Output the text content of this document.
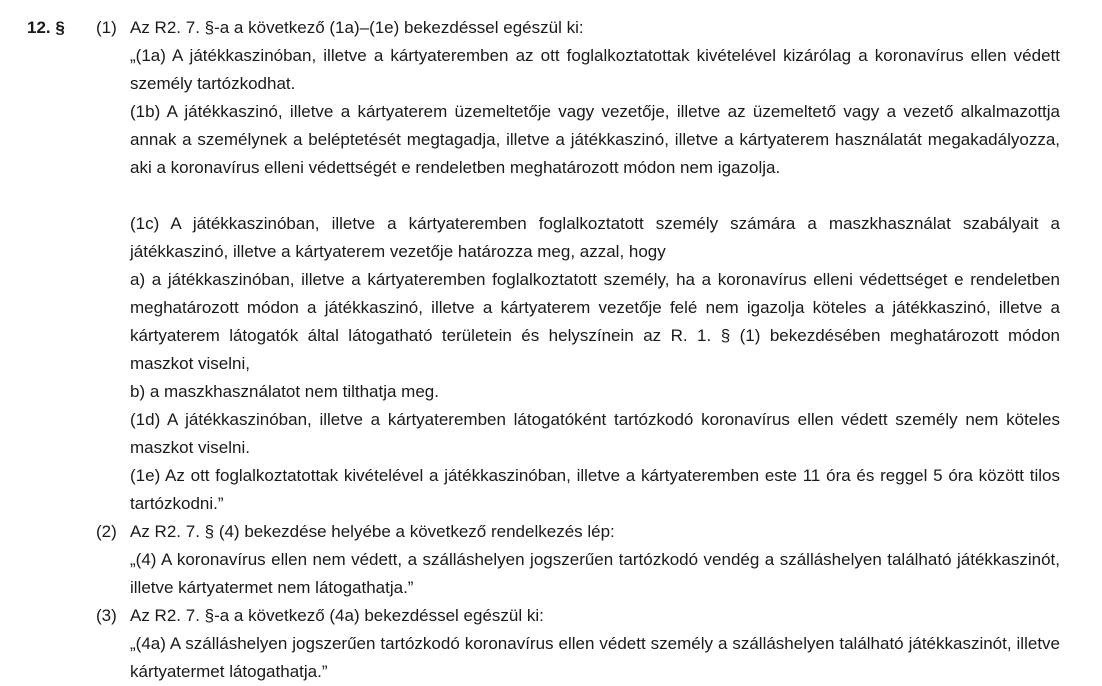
12. § (1) Az R2. 7. §-a a következő (1a)–(1e) bekezdéssel egészül ki:
„(1a) A játékkaszinóban, illetve a kártyateremben az ott foglalkoztatottak kivételével kizárólag a koronavírus ellen védett személy tartózkodhat.
(1b) A játékkaszinó, illetve a kártyaterem üzemeltetője vagy vezetője, illetve az üzemeltető vagy a vezető alkalmazottja annak a személynek a beléptetését megtagadja, illetve a játékkaszinó, illetve a kártyaterem használatát megakadályozza, aki a koronavírus elleni védettségét e rendeletben meghatározott módon nem igazolja.
(1c) A játékkaszinóban, illetve a kártyateremben foglalkoztatott személy számára a maszkhasználat szabályait a játékkaszinó, illetve a kártyaterem vezetője határozza meg, azzal, hogy
a) a játékkaszinóban, illetve a kártyateremben foglalkoztatott személy, ha a koronavírus elleni védettséget e rendeletben meghatározott módon a játékkaszinó, illetve a kártyaterem vezetője felé nem igazolja köteles a játékkaszinó, illetve a kártyaterem látogatók által látogatható területein és helyszínein az R. 1. § (1) bekezdésében meghatározott módon maszkot viselni,
b) a maszkhasználatot nem tilthatja meg.
(1d) A játékkaszinóban, illetve a kártyateremben látogatóként tartózkodó koronavírus ellen védett személy nem köteles maszkot viselni.
(1e) Az ott foglalkoztatottak kivételével a játékkaszinóban, illetve a kártyateremben este 11 óra és reggel 5 óra között tilos tartózkodni.”
(2) Az R2. 7. § (4) bekezdése helyébe a következő rendelkezés lép:
„(4) A koronavírus ellen nem védett, a szálláshelyen jogszerűen tartózkodó vendég a szálláshelyen található játékkaszinót, illetve kártyatermet nem látogathatja.”
(3) Az R2. 7. §-a a következő (4a) bekezdéssel egészül ki:
„(4a) A szálláshelyen jogszerűen tartózkodó koronavírus ellen védett személy a szálláshelyen található játékkaszinót, illetve kártyatermet látogathatja.”
